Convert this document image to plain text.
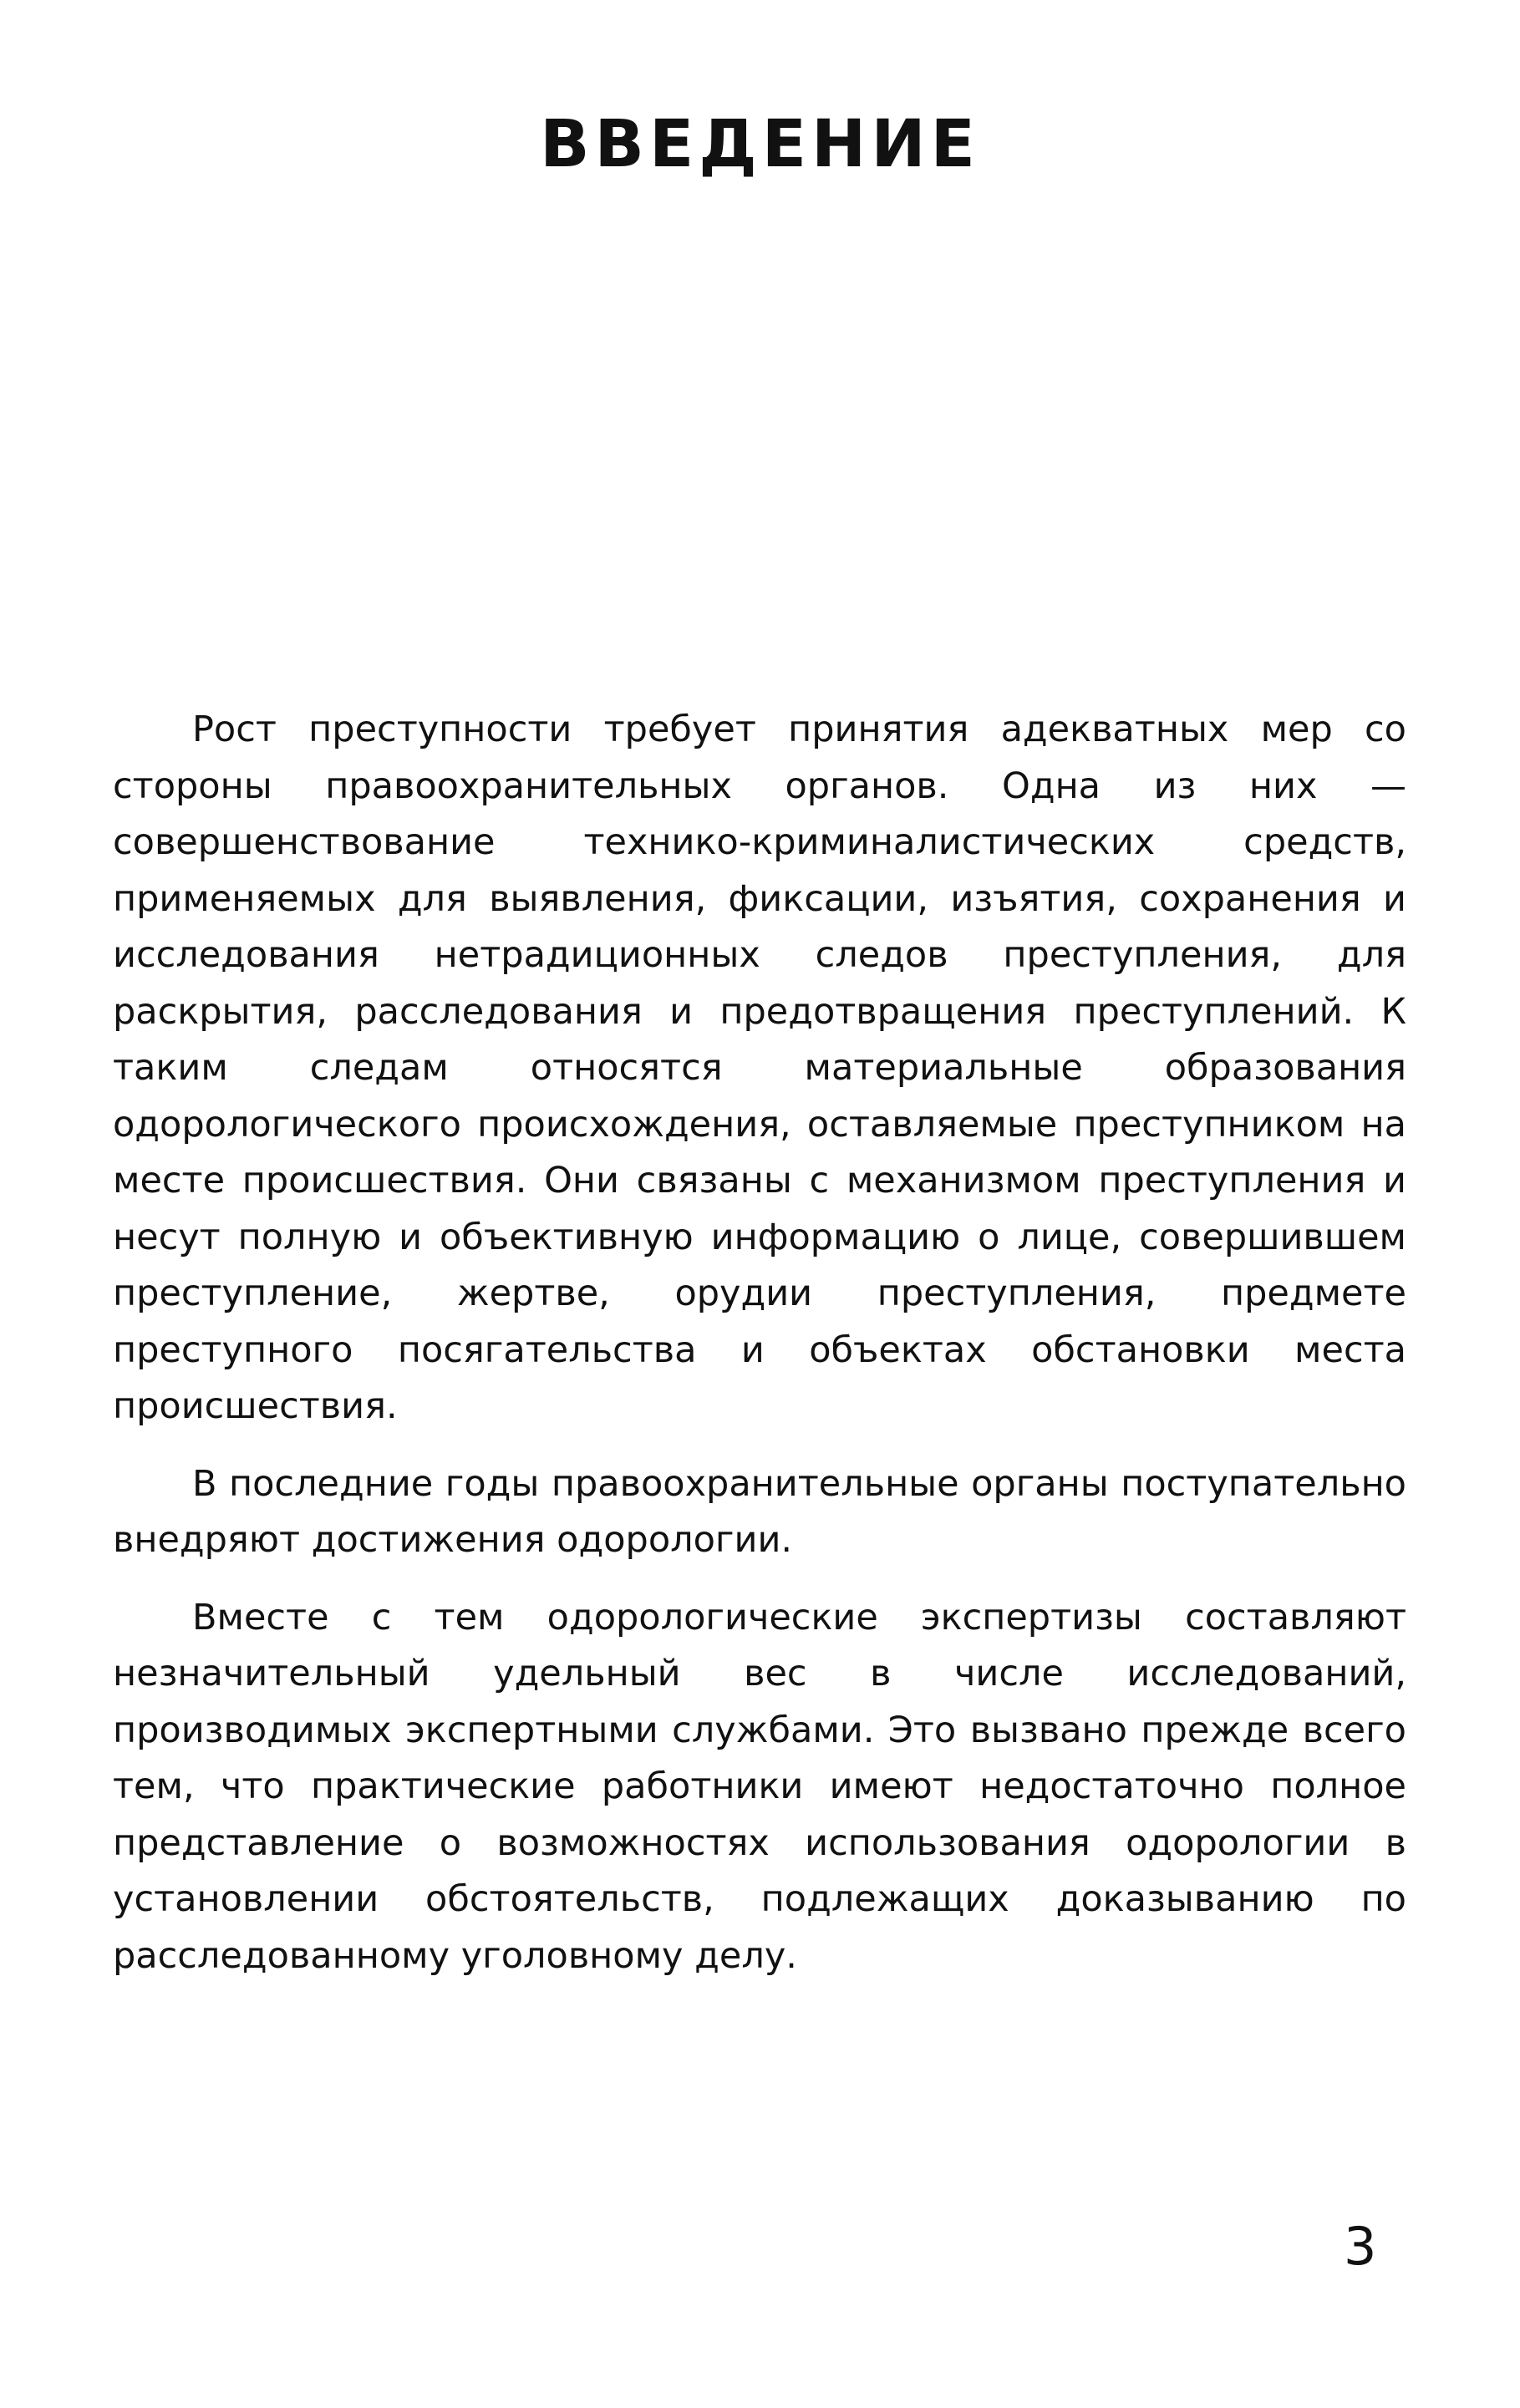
ВВЕДЕНИЕ

Рост преступности требует принятия адекватных мер со стороны правоохранительных органов. Одна из них — совершенствование технико-криминалистических средств, применяемых для выявления, фиксации, изъятия, сохранения и исследования нетрадиционных следов преступления, для раскрытия, расследования и предотвращения преступлений. К таким следам относятся материальные образования одорологического происхождения, оставляемые преступником на месте происшествия. Они связаны с механизмом преступления и несут полную и объективную информацию о лице, совершившем преступление, жертве, орудии преступления, предмете преступного посягательства и объектах обстановки места происшествия.

В последние годы правоохранительные органы поступательно внедряют достижения одорологии.

Вместе с тем одорологические экспертизы составляют незначительный удельный вес в числе исследований, производимых экспертными службами. Это вызвано прежде всего тем, что практические работники имеют недостаточно полное представление о возможностях использования одорологии в установлении обстоятельств, подлежащих доказыванию по расследованному уголовному делу.

3
